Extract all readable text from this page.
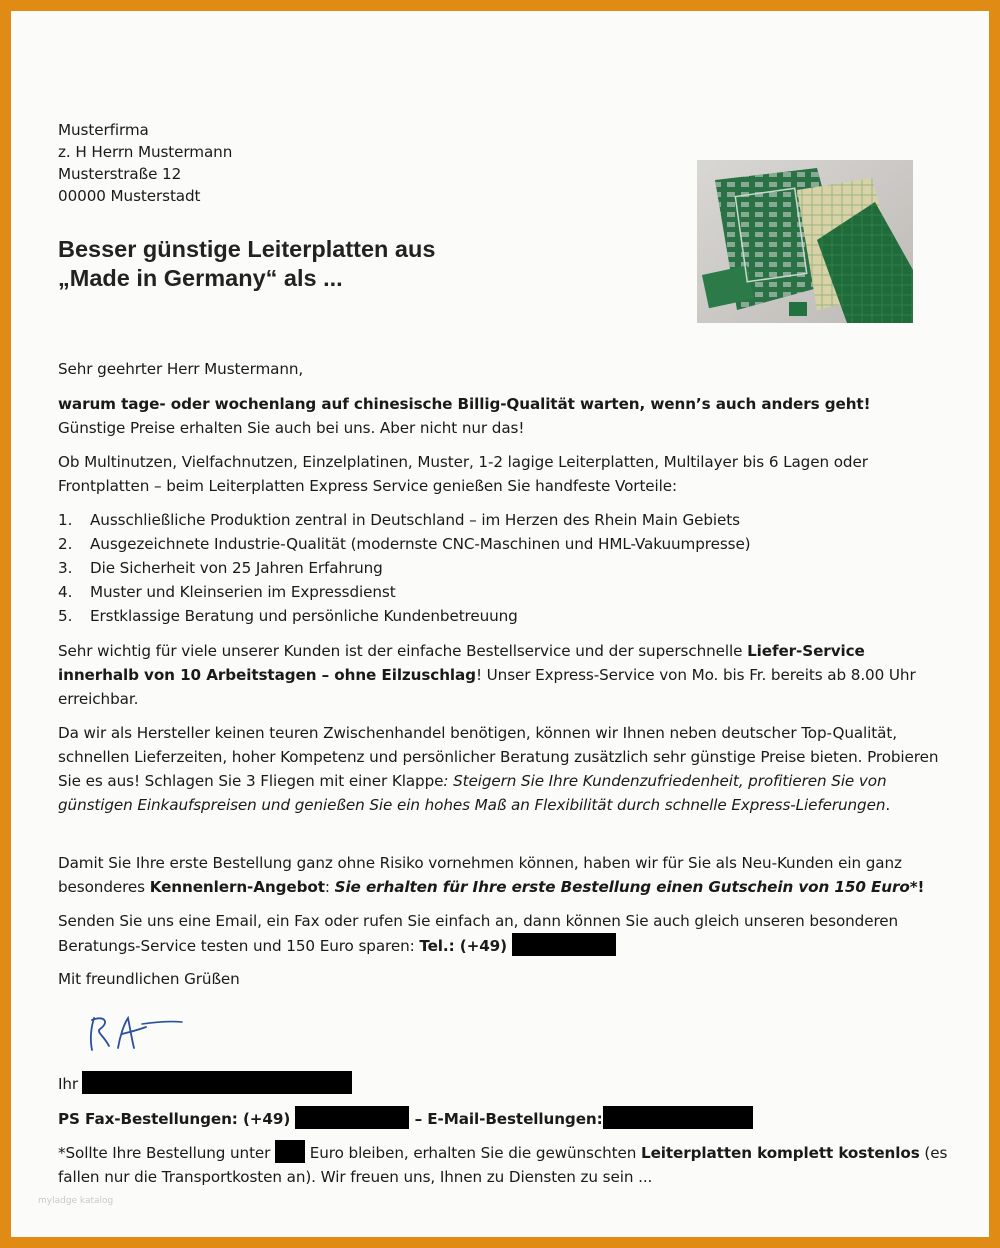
Musterfirma
z. H Herrn Mustermann
Musterstraße 12
00000 Musterstadt
Besser günstige Leiterplatten aus
„Made in Germany“ als ...
Sehr geehrter Herr Mustermann,
warum tage- oder wochenlang auf chinesische Billig-Qualität warten, wenn’s auch anders geht!
Günstige Preise erhalten Sie auch bei uns. Aber nicht nur das!
Ob Multinutzen, Vielfachnutzen, Einzelplatinen, Muster, 1-2 lagige Leiterplatten, Multilayer bis 6 Lagen oder Frontplatten – beim Leiterplatten Express Service genießen Sie handfeste Vorteile:
1. Ausschließliche Produktion zentral in Deutschland – im Herzen des Rhein Main Gebiets
2. Ausgezeichnete Industrie-Qualität (modernste CNC-Maschinen und HML-Vakuumpresse)
3. Die Sicherheit von 25 Jahren Erfahrung
4. Muster und Kleinserien im Expressdienst
5. Erstklassige Beratung und persönliche Kundenbetreuung
Sehr wichtig für viele unserer Kunden ist der einfache Bestellservice und der superschnelle Liefer-Service innerhalb von 10 Arbeitstagen – ohne Eilzuschlag! Unser Express-Service von Mo. bis Fr. bereits ab 8.00 Uhr erreichbar.
Da wir als Hersteller keinen teuren Zwischenhandel benötigen, können wir Ihnen neben deutscher Top-Qualität, schnellen Lieferzeiten, hoher Kompetenz und persönlicher Beratung zusätzlich sehr günstige Preise bieten. Probieren Sie es aus! Schlagen Sie 3 Fliegen mit einer Klappe: Steigern Sie Ihre Kundenzufriedenheit, profitieren Sie von günstigen Einkaufspreisen und genießen Sie ein hohes Maß an Flexibilität durch schnelle Express-Lieferungen.
Damit Sie Ihre erste Bestellung ganz ohne Risiko vornehmen können, haben wir für Sie als Neu-Kunden ein ganz besonderes Kennenlern-Angebot: Sie erhalten für Ihre erste Bestellung einen Gutschein von 150 Euro*!
Senden Sie uns eine Email, ein Fax oder rufen Sie einfach an, dann können Sie auch gleich unseren besonderen Beratungs-Service testen und 150 Euro sparen: Tel.: (+49)
Mit freundlichen Grüßen
Ihr
PS Fax-Bestellungen: (+49)	– E-Mail-Bestellungen:
*Sollte Ihre Bestellung unter  Euro bleiben, erhalten Sie die gewünschten Leiterplatten komplett kostenlos (es fallen nur die Transportkosten an). Wir freuen uns, Ihnen zu Diensten zu sein ...
myladge katalog
